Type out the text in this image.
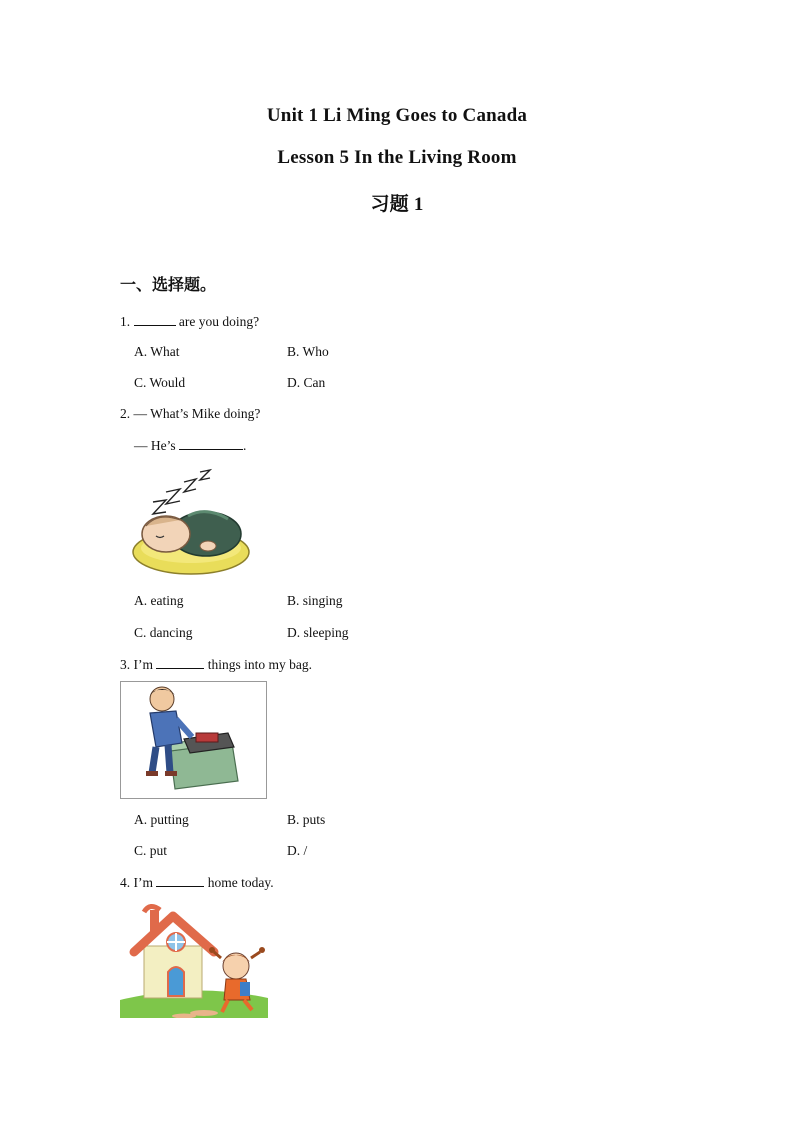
Unit 1 Li Ming Goes to Canada
Lesson 5 In the Living Room
习题 1
一、选择题。
1.	are you doing?
A. What	B. Who
C. Would	D. Can
2. — What’s Mike doing?
— He’s	.
A. eating	B. singing
C. dancing	D. sleeping
3. I’m	things into my bag.
A. putting	B. puts
C. put	D. /
4. I’m	home today.
